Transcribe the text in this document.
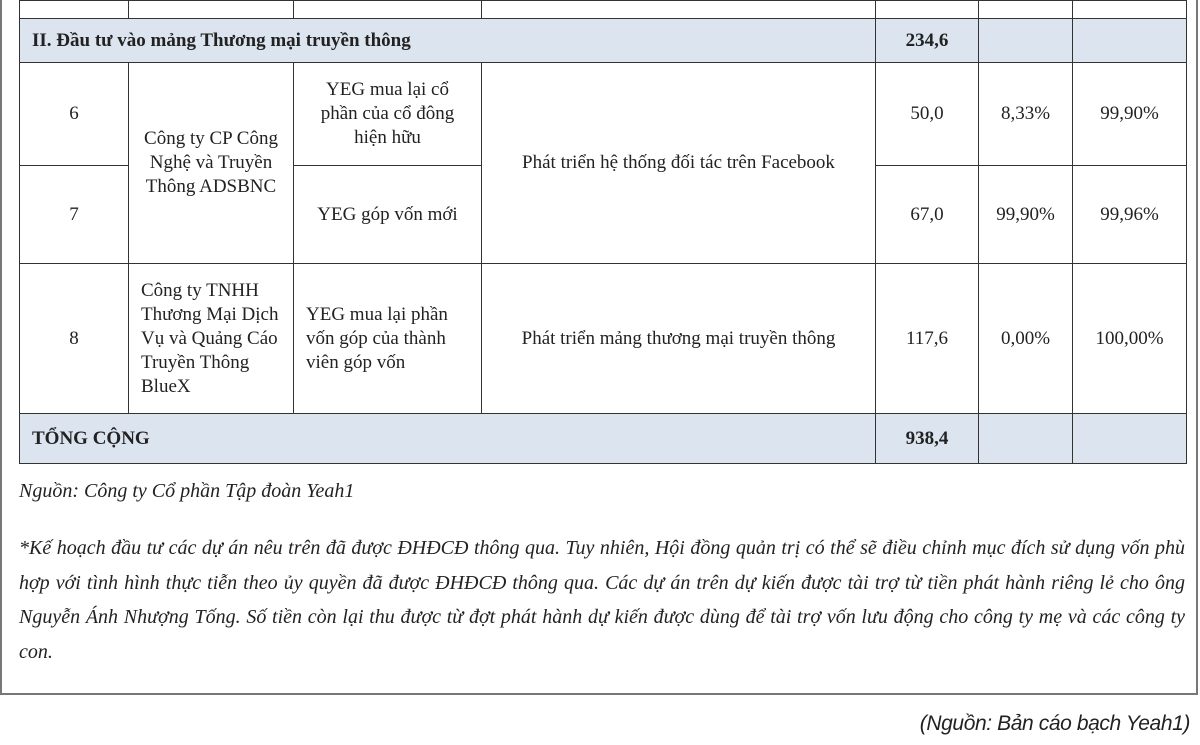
II. Đầu tư vào mảng Thương mại truyền thông				234,6		
6	Công ty CP Công Nghệ và Truyền Thông ADSBNC	YEG mua lại cổ phần của cổ đông hiện hữu	Phát triển hệ thống đối tác trên Facebook	50,0	8,33%	99,90%
7		YEG góp vốn mới		67,0	99,90%	99,96%
8	Công ty TNHH Thương Mại Dịch Vụ và Quảng Cáo Truyền Thông BlueX	YEG mua lại phần vốn góp của thành viên góp vốn	Phát triển mảng thương mại truyền thông	117,6	0,00%	100,00%
TỔNG CỘNG				938,4		
Nguồn: Công ty Cổ phần Tập đoàn Yeah1
*Kế hoạch đầu tư các dự án nêu trên đã được ĐHĐCĐ thông qua. Tuy nhiên, Hội đồng quản trị có thể sẽ điều chỉnh mục đích sử dụng vốn phù hợp với tình hình thực tiễn theo ủy quyền đã được ĐHĐCĐ thông qua. Các dự án trên dự kiến được tài trợ từ tiền phát hành riêng lẻ cho ông Nguyễn Ánh Nhượng Tống. Số tiền còn lại thu được từ đợt phát hành dự kiến được dùng để tài trợ vốn lưu động cho công ty mẹ và các công ty con.
(Nguồn: Bản cáo bạch Yeah1)
